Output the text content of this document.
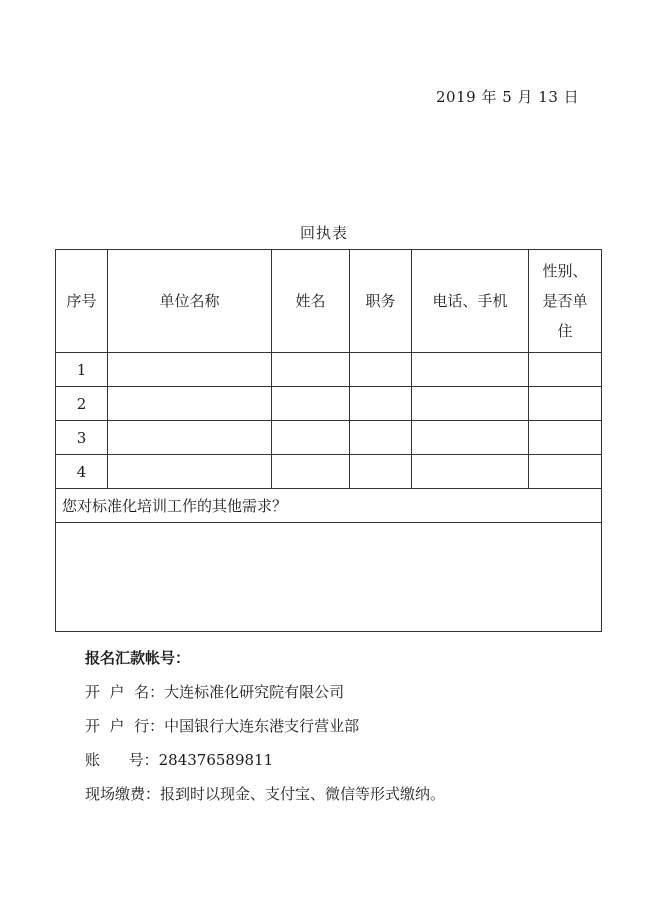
2019 年 5 月 13 日
回执表
序号	单位名称	姓名	职务	电话、手机	性别、是否单住
1					
2					
3					
4					
您对标准化培训工作的其他需求？					

报名汇款帐号：
开  户  名：大连标准化研究院有限公司
开  户  行：中国银行大连东港支行营业部
账      号：284376589811
现场缴费：报到时以现金、支付宝、微信等形式缴纳。
